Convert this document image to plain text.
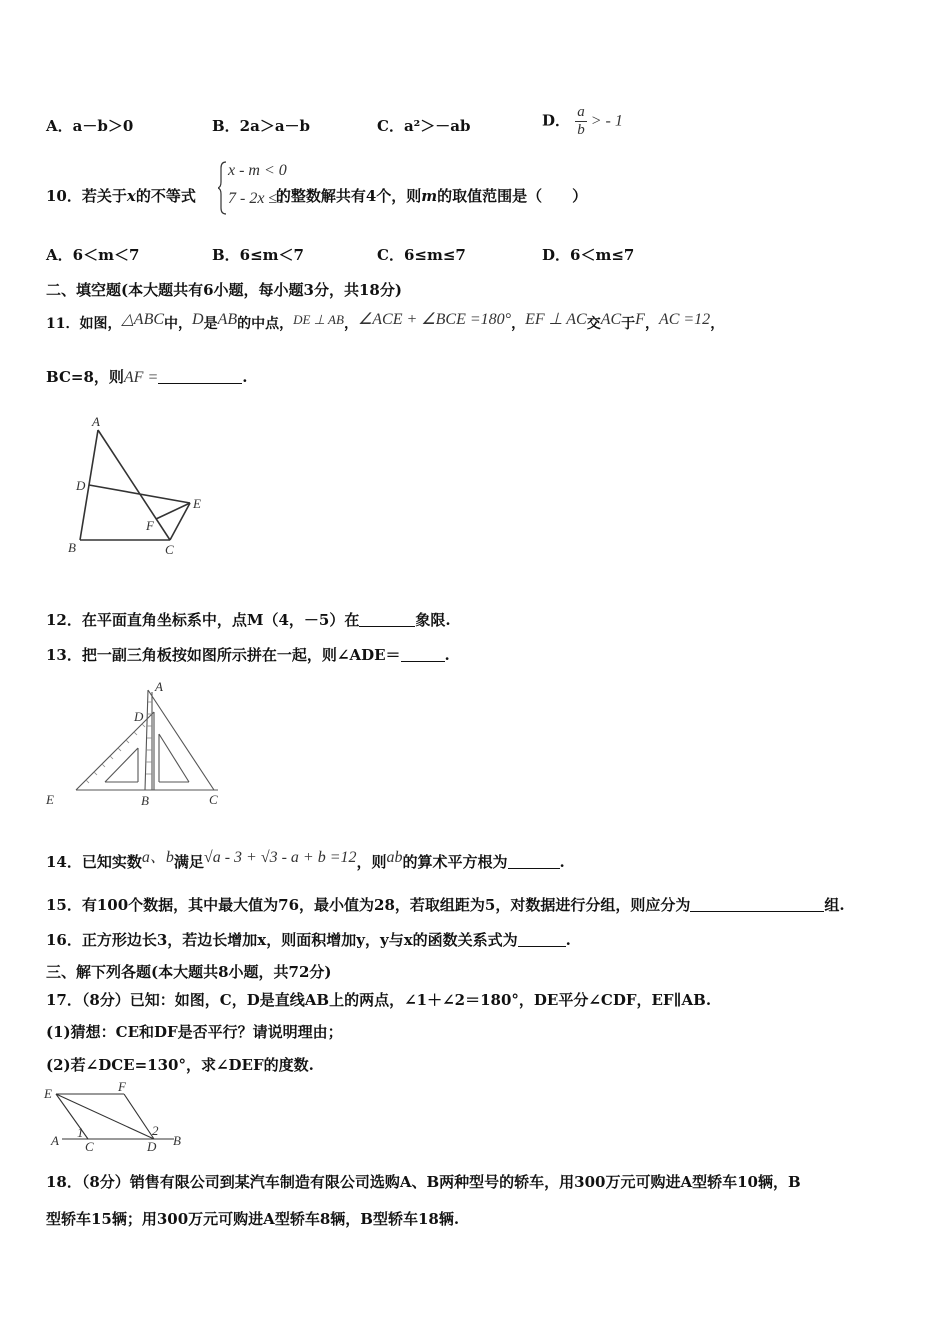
A．a－b＞0	B．2a＞a－b	C．a²＞－ab	D． $\frac{a}{b}$ > - 1
x - m < 0
7 - 2x ≤1
10．若关于x的不等式	的整数解共有4个，则m的取值范围是（　　）
A．6＜m＜7	B．6≤m＜7	C．6≤m≤7	D．6＜m≤7
二、填空题(本大题共有6小题，每小题3分，共18分)
11．如图，△ABC中，D是AB的中点，DE ⊥ AB，∠ACE + ∠BCE =180°，EF ⊥ AC交AC于F，AC =12，
BC=8，则AF =	.
A
D
E
F
B	C
12．在平面直角坐标系中，点M（4，－5）在	象限.
13．把一副三角板按如图所示拼在一起，则∠ADE＝	.
A
D
E	B	C
14．已知实数a、b满足√a - 3 + √3 - a + b =12，则ab的算术平方根为	.
15．有100个数据，其中最大值为76，最小值为28，若取组距为5，对数据进行分组，则应分为	组.
16．正方形边长3，若边长增加x，则面积增加y，y与x的函数关系式为	.
三、解下列各题(本大题共8小题，共72分)
17．（8分）已知：如图，C，D是直线AB上的两点，∠1＋∠2＝180°，DE平分∠CDF，EF∥AB.
(1)猜想：CE和DF是否平行？请说明理由；
(2)若∠DCE=130°，求∠DEF的度数.
E	F
A
1
C
2
D B
18．（8分）销售有限公司到某汽车制造有限公司选购A、B两种型号的轿车，用300万元可购进A型轿车10辆，B
型轿车15辆；用300万元可购进A型轿车8辆，B型轿车18辆.
